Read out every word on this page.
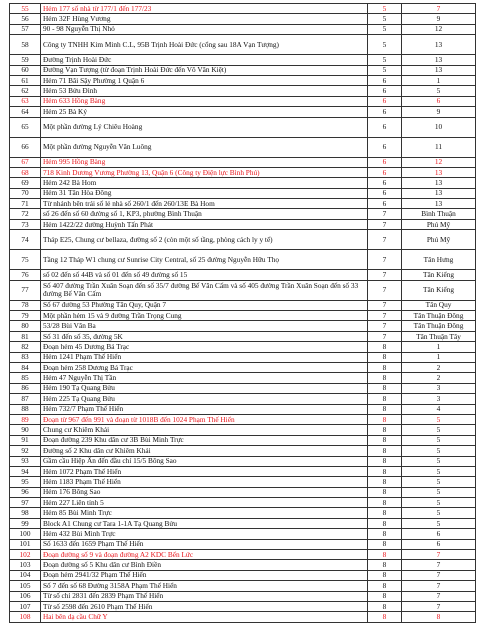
55	Hẻm 177 số nhà từ 177/1 đến 177/23	5	7
56	Hẻm 32F Hùng Vương	5	9
57	90 - 98 Nguyễn Thị Nhỏ	5	12
58	Công ty TNHH Kim Minh C.L, 95B Trịnh Hoài Đức (cổng sau 18A Vạn Tượng)	5	13
59	Đường Trịnh Hoài Đức	5	13
60	Đường Vạn Tượng (từ đoạn Trịnh Hoài Đức đến Võ Văn Kiệt)	5	13
61	Hẻm 71 Bãi Sậy Phường 1 Quận 6	6	1
62	Hẻm 53 Bửu Đình	6	5
63	Hẻm 633 Hồng Bàng	6	6
64	Hẻm 25 Bà Ký	6	9
65	Một phần đường Lý Chiêu Hoàng	6	10
66	Một phần đường Nguyễn Văn Luông	6	11
67	Hẻm 995 Hồng Bàng	6	12
68	718 Kinh Dương Vương Phường 13, Quận 6 (Công ty Điện lực Bình Phú)	6	13
69	Hẻm 242 Bà Hom	6	13
70	Hẻm 31 Tân Hòa Đông	6	13
71	Từ nhánh bên trái số lẻ nhà số 260/1 đến 260/13E Bà Hom	6	13
72	số 26 đến số 60 đường số 1, KP3, phường Bình Thuận	7	Bình Thuận
73	Hẻm 1422/22 đường Huỳnh Tấn Phát	7	Phú Mỹ
74	Tháp E25, Chung cư bellaza, đường số 2 (còn một số tầng, phòng cách ly y tế)	7	Phú Mỹ
75	Tầng 12 Tháp W1 chung cư Sunrise City Central, số 25 đường Nguyễn Hữu Thọ	7	Tân Hưng
76	số 02 đến số 44B và số 01 đến số 49 đường số 15	7	Tân Kiểng
77	Số 407 đường Trần Xuân Soạn đến số 35/7 đường Bế Văn Cấm và số 405 đường Trần Xuân Soạn đến số 33 đường Bế Văn Cấm	7	Tân Kiểng
78	Số 67 đường 53 Phường Tân Quy, Quận 7	7	Tân Quy
79	Một phần hẻm 15 và 9 đường Trần Trọng Cung	7	Tân Thuận Đông
80	53/28 Bùi Văn Ba	7	Tân Thuận Đông
81	Số 31 đến số 35, đường 5K	7	Tân Thuận Tây
82	Đoạn hẻm 45 Dương Bá Trạc	8	1
83	Hẻm 1241 Phạm Thế Hiển	8	1
84	Đoạn hẻm 258 Dương Bá Trạc	8	2
85	Hẻm 47 Nguyễn Thị Tần	8	2
86	Hẻm 190 Tạ Quang Bửu	8	3
87	Hẻm 225 Tạ Quang Bửu	8	3
88	Hẻm 732/7 Phạm Thế Hiển	8	4
89	Đoạn từ 967 đến 991 và đoạn từ 1018B đến 1024 Phạm Thế Hiển	8	5
90	Chung cư Khiêm Khải	8	5
91	Đoạn đường 239 Khu dân cư 3B Bùi Minh Trực	8	5
92	Đường số 2 Khu dân cư Khiêm Khải	8	5
93	Gầm cầu Hiệp Ân đến đầu chí 15/5 Bông Sao	8	5
94	Hẻm 1072 Phạm Thế Hiển	8	5
95	Hẻm 1183 Phạm Thế Hiển	8	5
96	Hẻm 176 Bông Sao	8	5
97	Hẻm 227 Liên tỉnh 5	8	5
98	Hẻm 85 Bùi Minh Trực	8	5
99	Block A1 Chung cư Tara 1-1A Tạ Quang Bửu	8	5
100	Hẻm 432 Bùi Minh Trực	8	6
101	Số 1633 đến 1659 Phạm Thế Hiển	8	6
102	Đoạn đường số 9 và đoạn đường A2 KDC Bến Lức	8	7
103	Đoạn đường số 5 Khu dân cư Bình Điền	8	7
104	Đoạn hẻm 2941/32 Phạm Thế Hiển	8	7
105	Số 7 đến số 68 Đường 3158A Phạm Thế Hiển	8	7
106	Từ số chỉ 2831 đến 2839 Phạm Thế Hiển	8	7
107	Từ số 2598 đến 2610 Phạm Thế Hiển	8	7
108	Hai bên dạ cầu Chữ Y	8	8
